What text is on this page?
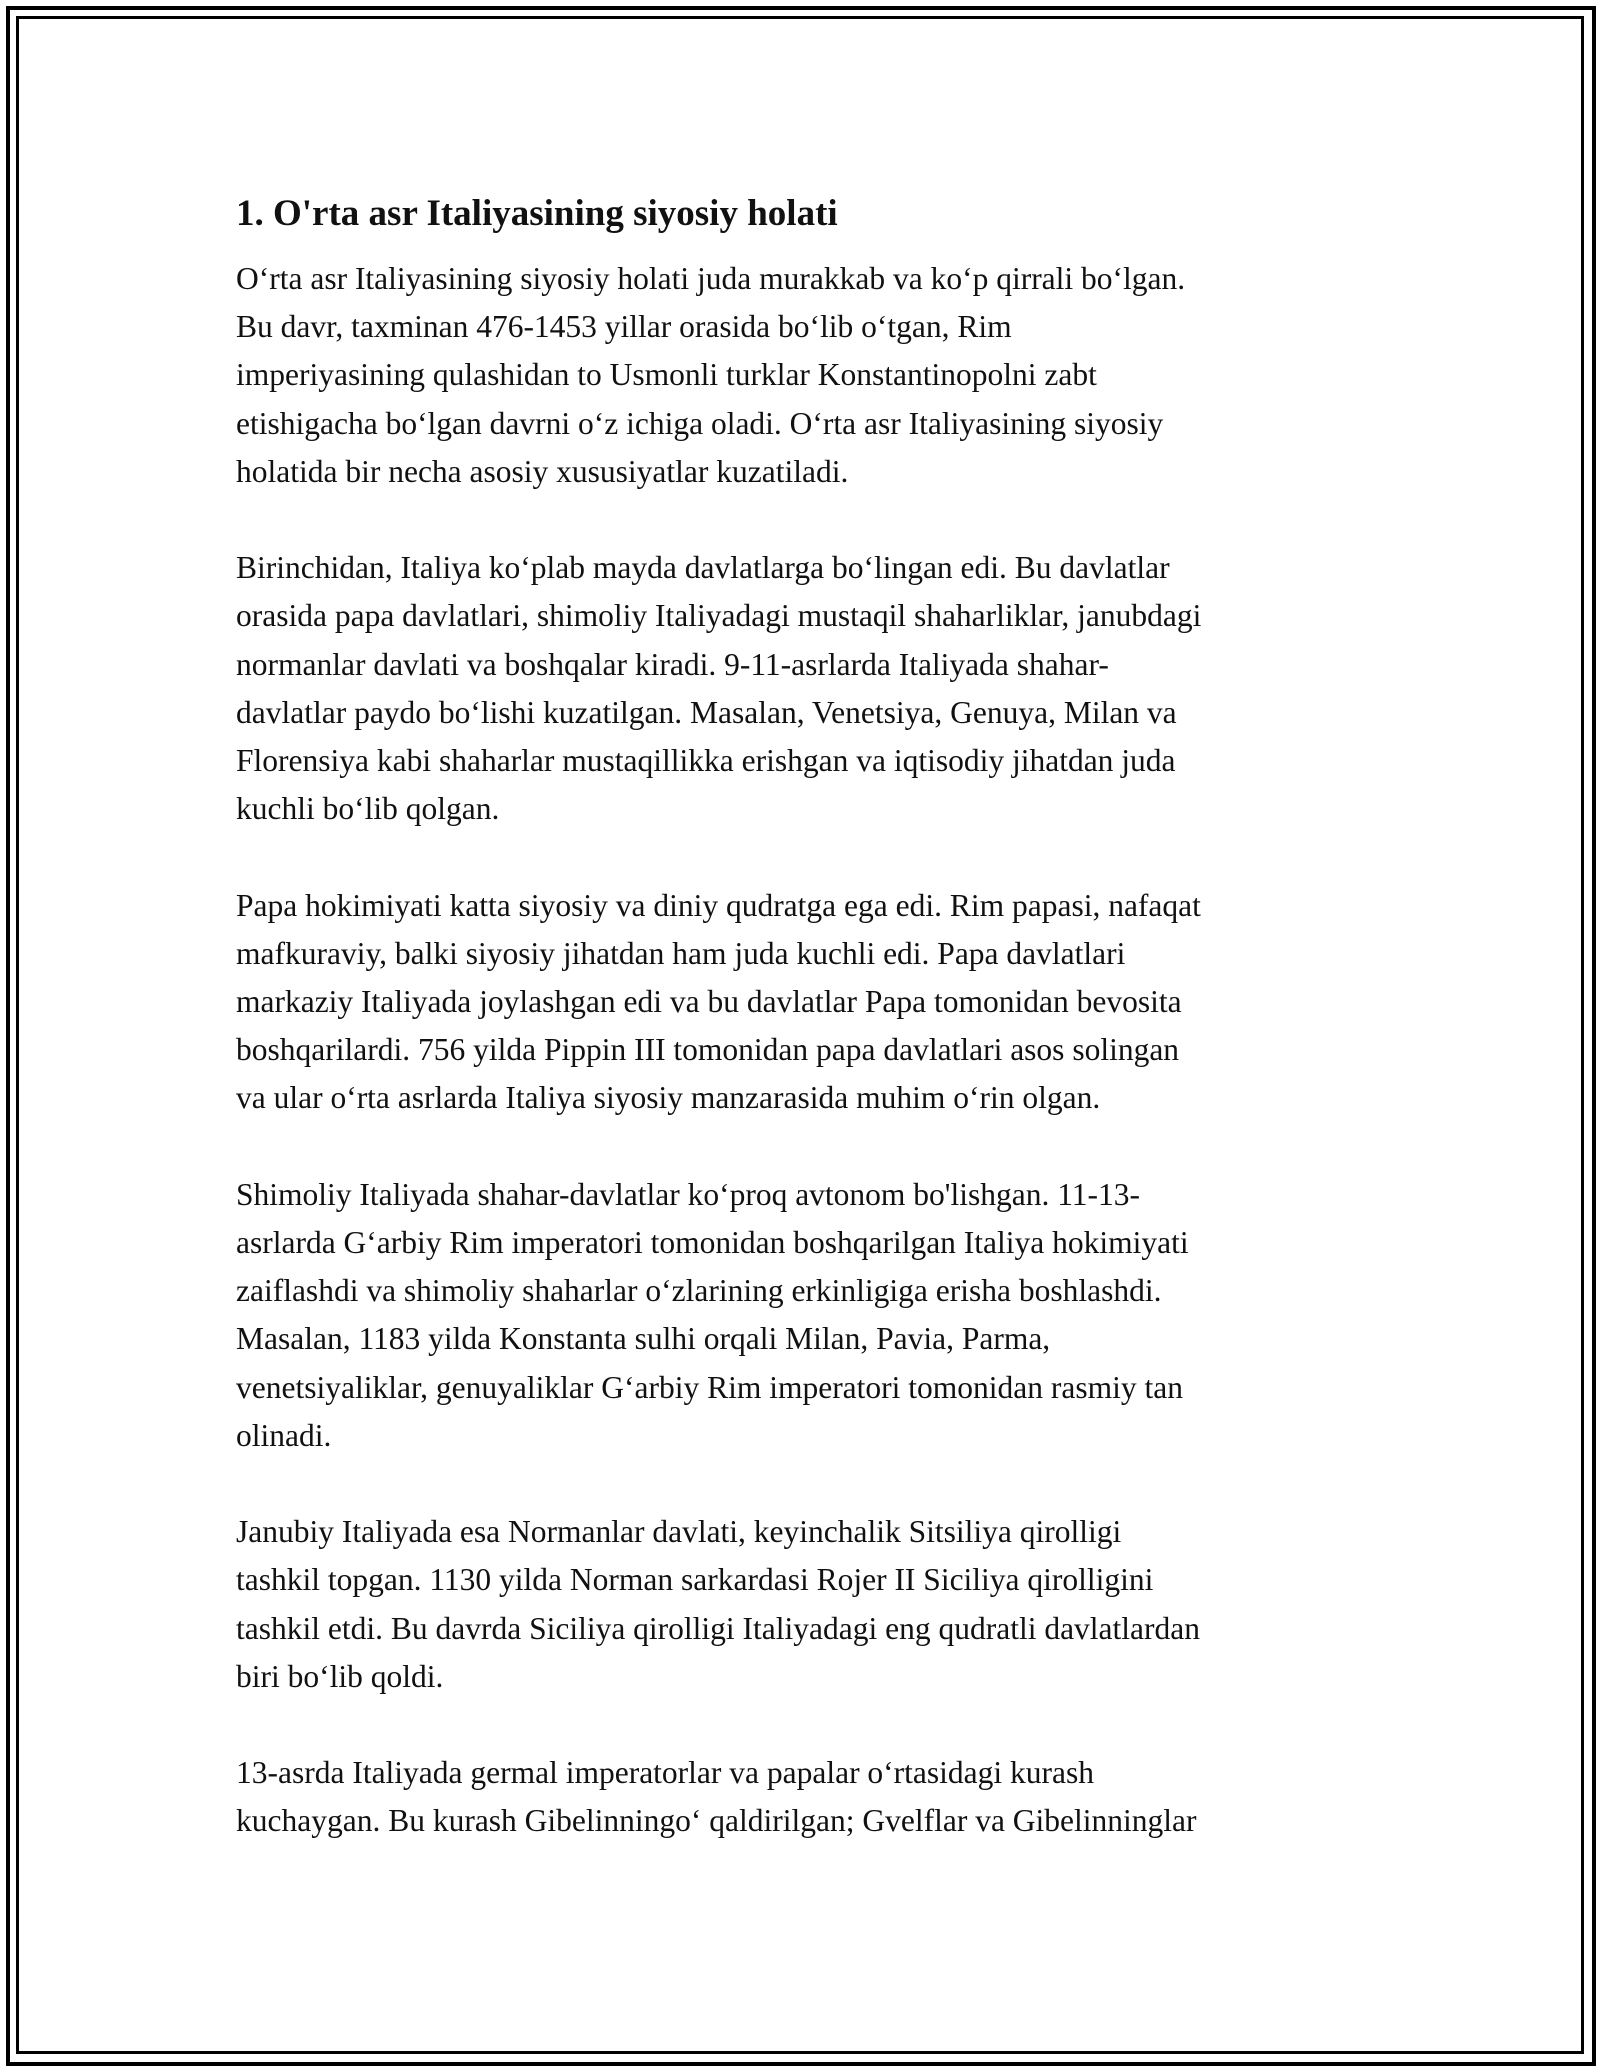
1. O'rta asr Italiyasining siyosiy holati

O‘rta asr Italiyasining siyosiy holati juda murakkab va ko‘p qirrali bo‘lgan.
Bu davr, taxminan 476-1453 yillar orasida bo‘lib o‘tgan, Rim
imperiyasining qulashidan to Usmonli turklar Konstantinopolni zabt
etishigacha bo‘lgan davrni o‘z ichiga oladi. O‘rta asr Italiyasining siyosiy
holatida bir necha asosiy xususiyatlar kuzatiladi.

Birinchidan, Italiya ko‘plab mayda davlatlarga bo‘lingan edi. Bu davlatlar
orasida papa davlatlari, shimoliy Italiyadagi mustaqil shaharliklar, janubdagi
normanlar davlati va boshqalar kiradi. 9-11-asrlarda Italiyada shahar-
davlatlar paydo bo‘lishi kuzatilgan. Masalan, Venetsiya, Genuya, Milan va
Florensiya kabi shaharlar mustaqillikka erishgan va iqtisodiy jihatdan juda
kuchli bo‘lib qolgan.

Papa hokimiyati katta siyosiy va diniy qudratga ega edi. Rim papasi, nafaqat
mafkuraviy, balki siyosiy jihatdan ham juda kuchli edi. Papa davlatlari
markaziy Italiyada joylashgan edi va bu davlatlar Papa tomonidan bevosita
boshqarilardi. 756 yilda Pippin III tomonidan papa davlatlari asos solingan
va ular o‘rta asrlarda Italiya siyosiy manzarasida muhim o‘rin olgan.

Shimoliy Italiyada shahar-davlatlar ko‘proq avtonom bo'lishgan. 11-13-
asrlarda G‘arbiy Rim imperatori tomonidan boshqarilgan Italiya hokimiyati
zaiflashdi va shimoliy shaharlar o‘zlarining erkinligiga erisha boshlashdi.
Masalan, 1183 yilda Konstanta sulhi orqali Milan, Pavia, Parma,
venetsiyaliklar, genuyaliklar G‘arbiy Rim imperatori tomonidan rasmiy tan
olinadi.

Janubiy Italiyada esa Normanlar davlati, keyinchalik Sitsiliya qirolligi
tashkil topgan. 1130 yilda Norman sarkardasi Rojer II Siciliya qirolligini
tashkil etdi. Bu davrda Siciliya qirolligi Italiyadagi eng qudratli davlatlardan
biri bo‘lib qoldi.

13-asrda Italiyada germal imperatorlar va papalar o‘rtasidagi kurash
kuchaygan. Bu kurash Gibelinningo‘ qaldirilgan; Gvelflar va Gibelinninglar
